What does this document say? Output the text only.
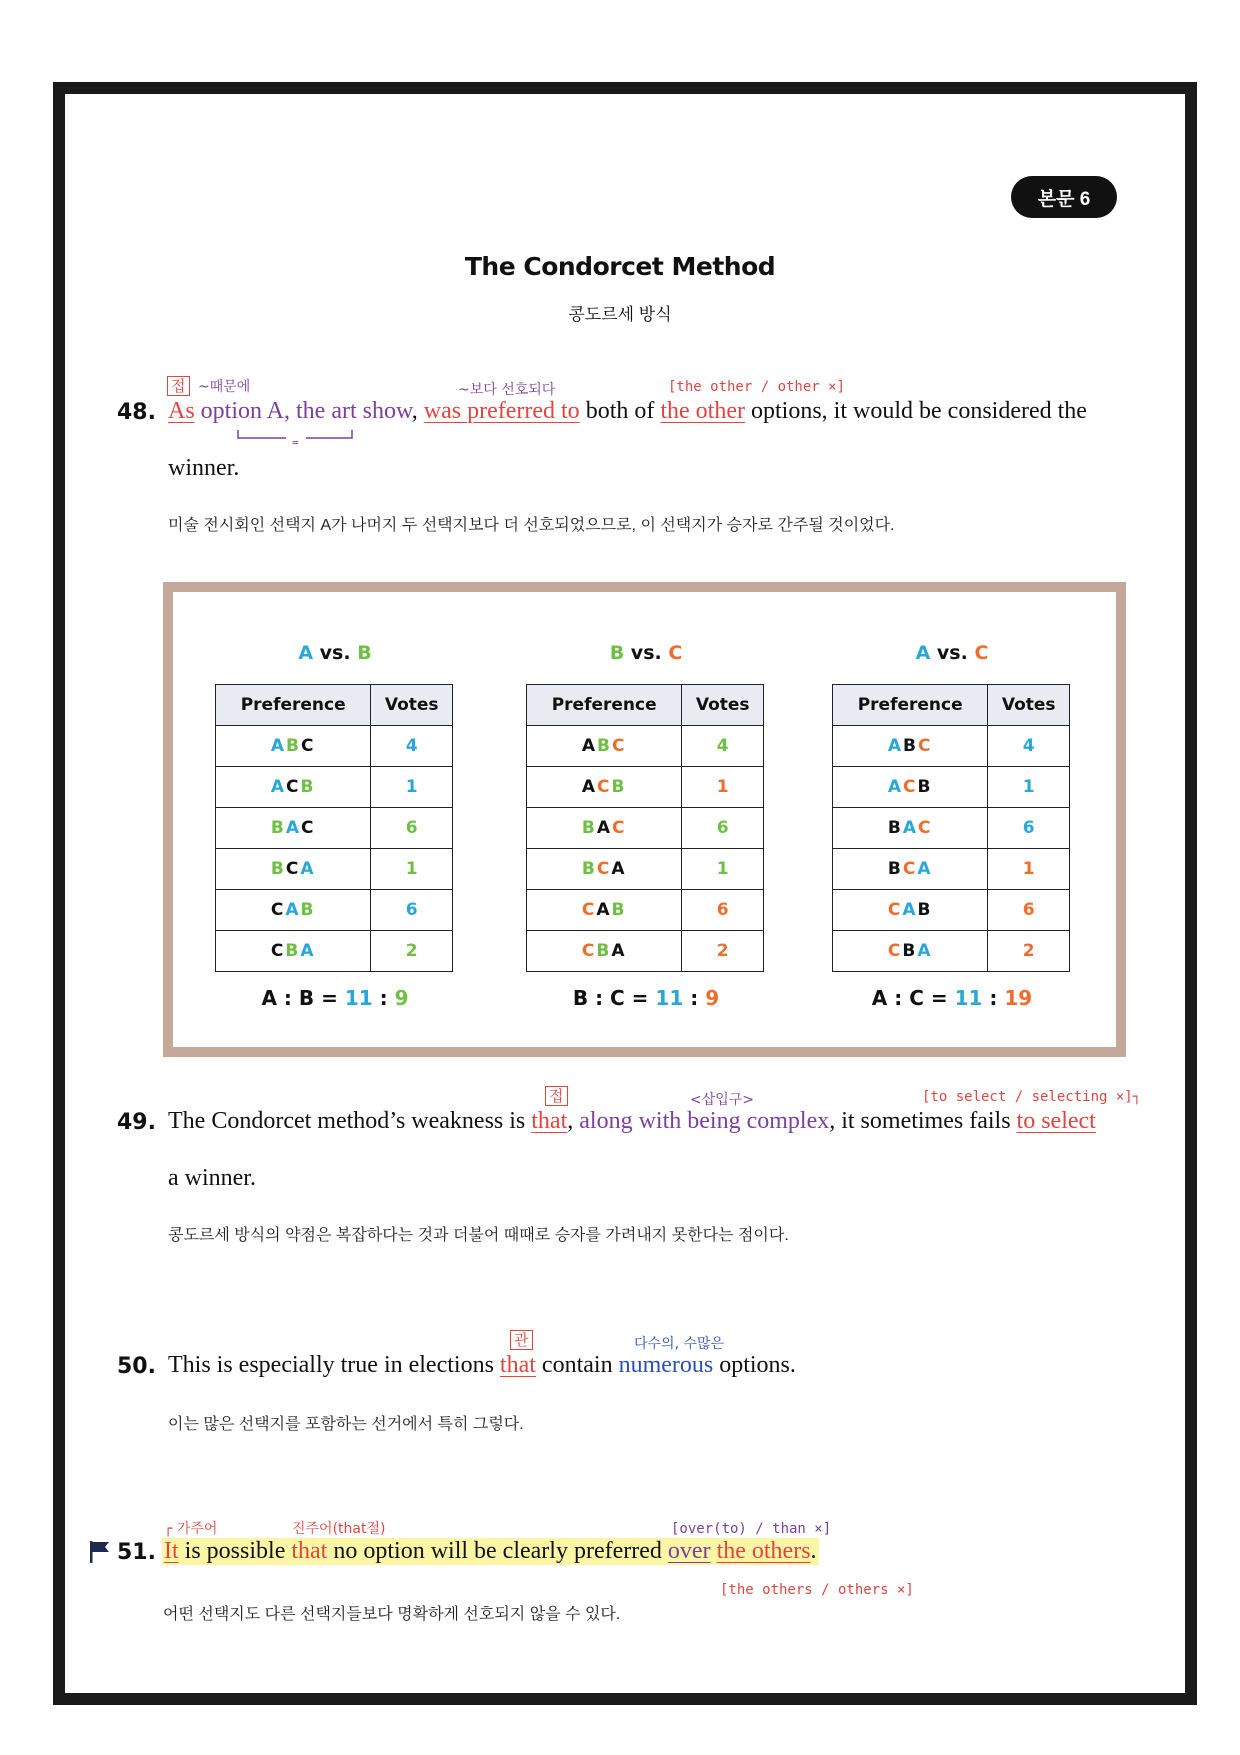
본문 6
The Condorcet Method
콩도르세 방식
접 ~때문에	~보다 선호되다	[the other / other ×]
48. As option A, the art show, was preferred to both of the other options, it would be considered the
=
winner.
미술 전시회인 선택지 A가 나머지 두 선택지보다 더 선호되었으므로, 이 선택지가 승자로 간주될 것이었다.
A vs. B
Preference	Votes
ABC	4
ACB	1
BAC	6
BCA	1
CAB	6
CBA	2
A : B = 11 : 9
B vs. C
Preference	Votes
ABC	4
ACB	1
BAC	6
BCA	1
CAB	6
CBA	2
B : C = 11 : 9
A vs. C
Preference	Votes
ABC	4
ACB	1
BAC	6
BCA	1
CAB	6
CBA	2
A : C = 11 : 19
접	<삽입구>	[to select / selecting ×]┐
49. The Condorcet method’s weakness is that, along with being complex, it sometimes fails to select
a winner.
콩도르세 방식의 약점은 복잡하다는 것과 더불어 때때로 승자를 가려내지 못한다는 점이다.
관	다수의, 수많은
50. This is especially true in elections that contain numerous options.
이는 많은 선택지를 포함하는 선거에서 특히 그렇다.
┌ 가주어	진주어(that절)	[over(to) / than ×]
51. It is possible that no option will be clearly preferred over the others.
[the others / others ×]
어떤 선택지도 다른 선택지들보다 명확하게 선호되지 않을 수 있다.
